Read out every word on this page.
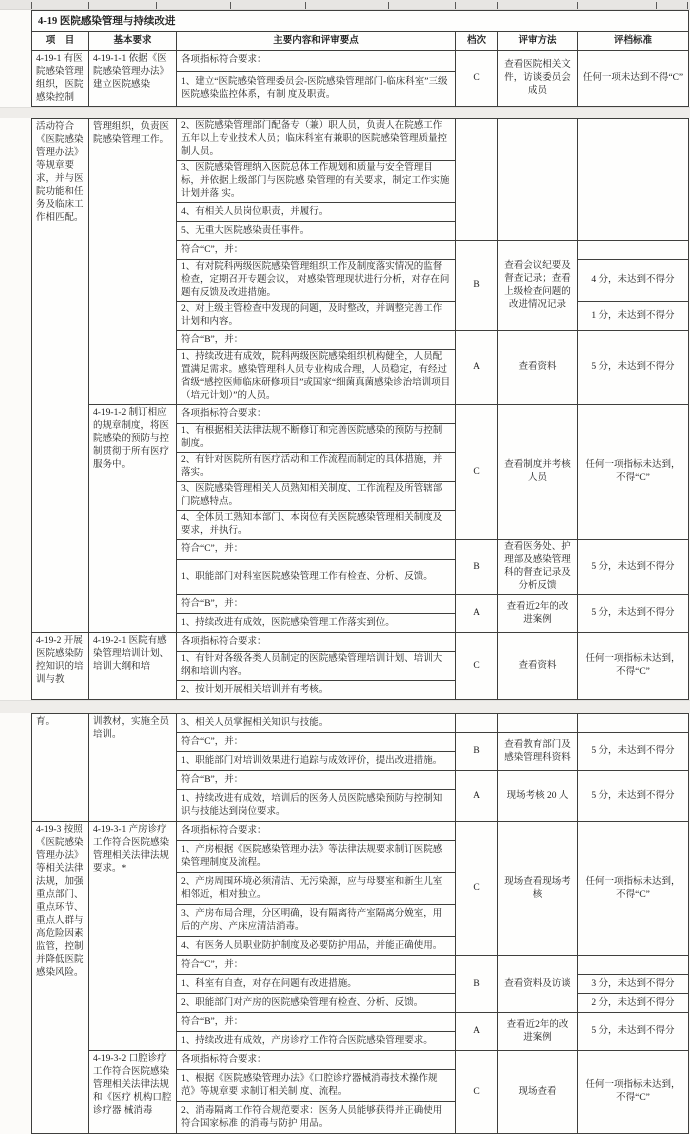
4-19 医院感染管理与持续改进					
项　目	基本要求	主要内容和评审要点	档次	评审方法	评档标准
4-19-1 有医院感染管理组织，医院感染控制	4-19-1-1 依据《医院感染管理办法》建立医院感染	各项指标符合要求：	C	查看医院相关文件，访谈委员会成员	任何一项未达到不得“C”
		1、建立“医院感染管理委员会-医院感染管理部门-临床科室”三级医院感染监控体系，有制 度及职责。			
活动符合《医院感染管理办法》等规章要求，并与医院功能和任务及临床工作相匹配。	管理组织，负责医院感染管理工作。	2、医院感染管理部门配备专（兼）职人员，负责人在院感工作五年以上专业技术人员；临床科室有兼职的医院感染管理质量控制人员。			
		3、医院感染管理纳入医院总体工作规划和质量与安全管理目标，并依据上级部门与医院感 染管理的有关要求，制定工作实施计划并落 实。			
		4、有相关人员岗位职责，并履行。			
		5、无重大医院感染责任事件。			
		符合“C”，并：	B	查看会议纪要及督查记录；查看上级检查问题的改进情况记录	
		1、有对院科两级医院感染管理组织工作及制度落实情况的监督检查，定期召开专题会议， 对感染管理现状进行分析，对存在问题有反馈及改进措施。			4 分，未达到不得分
		2、对上级主管检查中发现的问题，及时整改，并调整完善工作计划和内容。			1 分，未达到不得分
		符合“B”，并：	A	查看资料	5 分，未达到不得分
		1、持续改进有成效，院科两级医院感染组织机构健全，人员配置满足需求。感染管理科人员专业构成合理，人员稳定，有经过省级“感控医师临床研修项目”或国家“细菌真菌感染诊治培训项目（培元计划）”的人员。			
	4-19-1-2 制订相应的规章制度，将医院感染的预防与控制贯彻于所有医疗服务中。	各项指标符合要求：	C	查看制度并考核人员	任何一项指标未达到，不得“C”
		1、有根据相关法律法规不断修订和完善医院感染的预防与控制制度。			
		2、有针对医院所有医疗活动和工作流程而制定的具体措施，并落实。			
		3、医院感染管理相关人员熟知相关制度、工作流程及所管辖部门院感特点。			
		4、全体员工熟知本部门、本岗位有关医院感染管理相关制度及要求，并执行。			
		符合“C”，并：	B	查看医务处、护理部及感染管理科的督查记录及分析反馈	5 分，未达到不得分
		1、职能部门对科室医院感染管理工作有检查、分析、反馈。			
		符合“B”，并：	A	查看近2年的改进案例	5 分，未达到不得分
		1、持续改进有成效，医院感染管理工作落实到位。			
4-19-2 开展医院感染防控知识的培训与教	4-19-2-1 医院有感染管理培训计划、培训大纲和培	各项指标符合要求：	C	查看资料	任何一项指标未达到，不得“C”
		1、有针对各级各类人员制定的医院感染管理培训计划、培训大纲和培训内容。			
		2、按计划开展相关培训并有考核。			
育。	训教材，实施全员培训。	3、相关人员掌握相关知识与技能。			
		符合“C”，并：	B	查看教育部门及感染管理科资料	5 分，未达到不得分
		1、职能部门对培训效果进行追踪与成效评价，提出改进措施。			
		符合“B”，并：	A	现场考核 20 人	5 分，未达到不得分
		1、持续改进有成效，培训后的医务人员医院感染预防与控制知识与技能达到岗位要求。			
4-19-3 按照《医院感染管理办法》等相关法律法规，加强重点部门、重点环节、重点人群与高危险因素监管，控制并降低医院感染风险。	4-19-3-1 产房诊疗工作符合医院感染管理相关法律法规要求。*	各项指标符合要求：	C	现场查看现场考核	任何一项指标未达到，不得“C”
		1、产房根据《医院感染管理办法》等法律法规要求制订医院感染管理制度及流程。			
		2、产房周围环境必须清洁、无污染源，应与母婴室和新生儿室相邻近，相对独立。			
		3、产房布局合理，分区明确，设有隔离待产室隔离分娩室，用后的产房、产床应清洁消毒。			
		4、有医务人员职业防护制度及必要防护用品，并能正确使用。			
		符合“C”，并：	B	查看资料及访谈	
		1、科室有自查，对存在问题有改进措施。			3 分，未达到不得分
		2、职能部门对产房的医院感染管理有检查、分析、反馈。			2 分，未达到不得分
		符合“B”，并：	A	查看近2年的改进案例	5 分，未达到不得分
		1、持续改进有成效，产房诊疗工作符合医院感染管理要求。			
	4-19-3-2 口腔诊疗工作符合医院感染管理相关法律法规和《医疗 机构口腔诊疗器 械消毒	各项指标符合要求：	C	现场查看	任何一项指标未达到，不得“C”
		1、根据《医院感染管理办法》《口腔诊疗器械消毒技术操作规范》等规章要 求制订相关制 度、流程。			
		2、消毒隔离工作符合规范要求：医务人员能够获得并正确使用符合国家标准 的消毒与防护 用品。			
